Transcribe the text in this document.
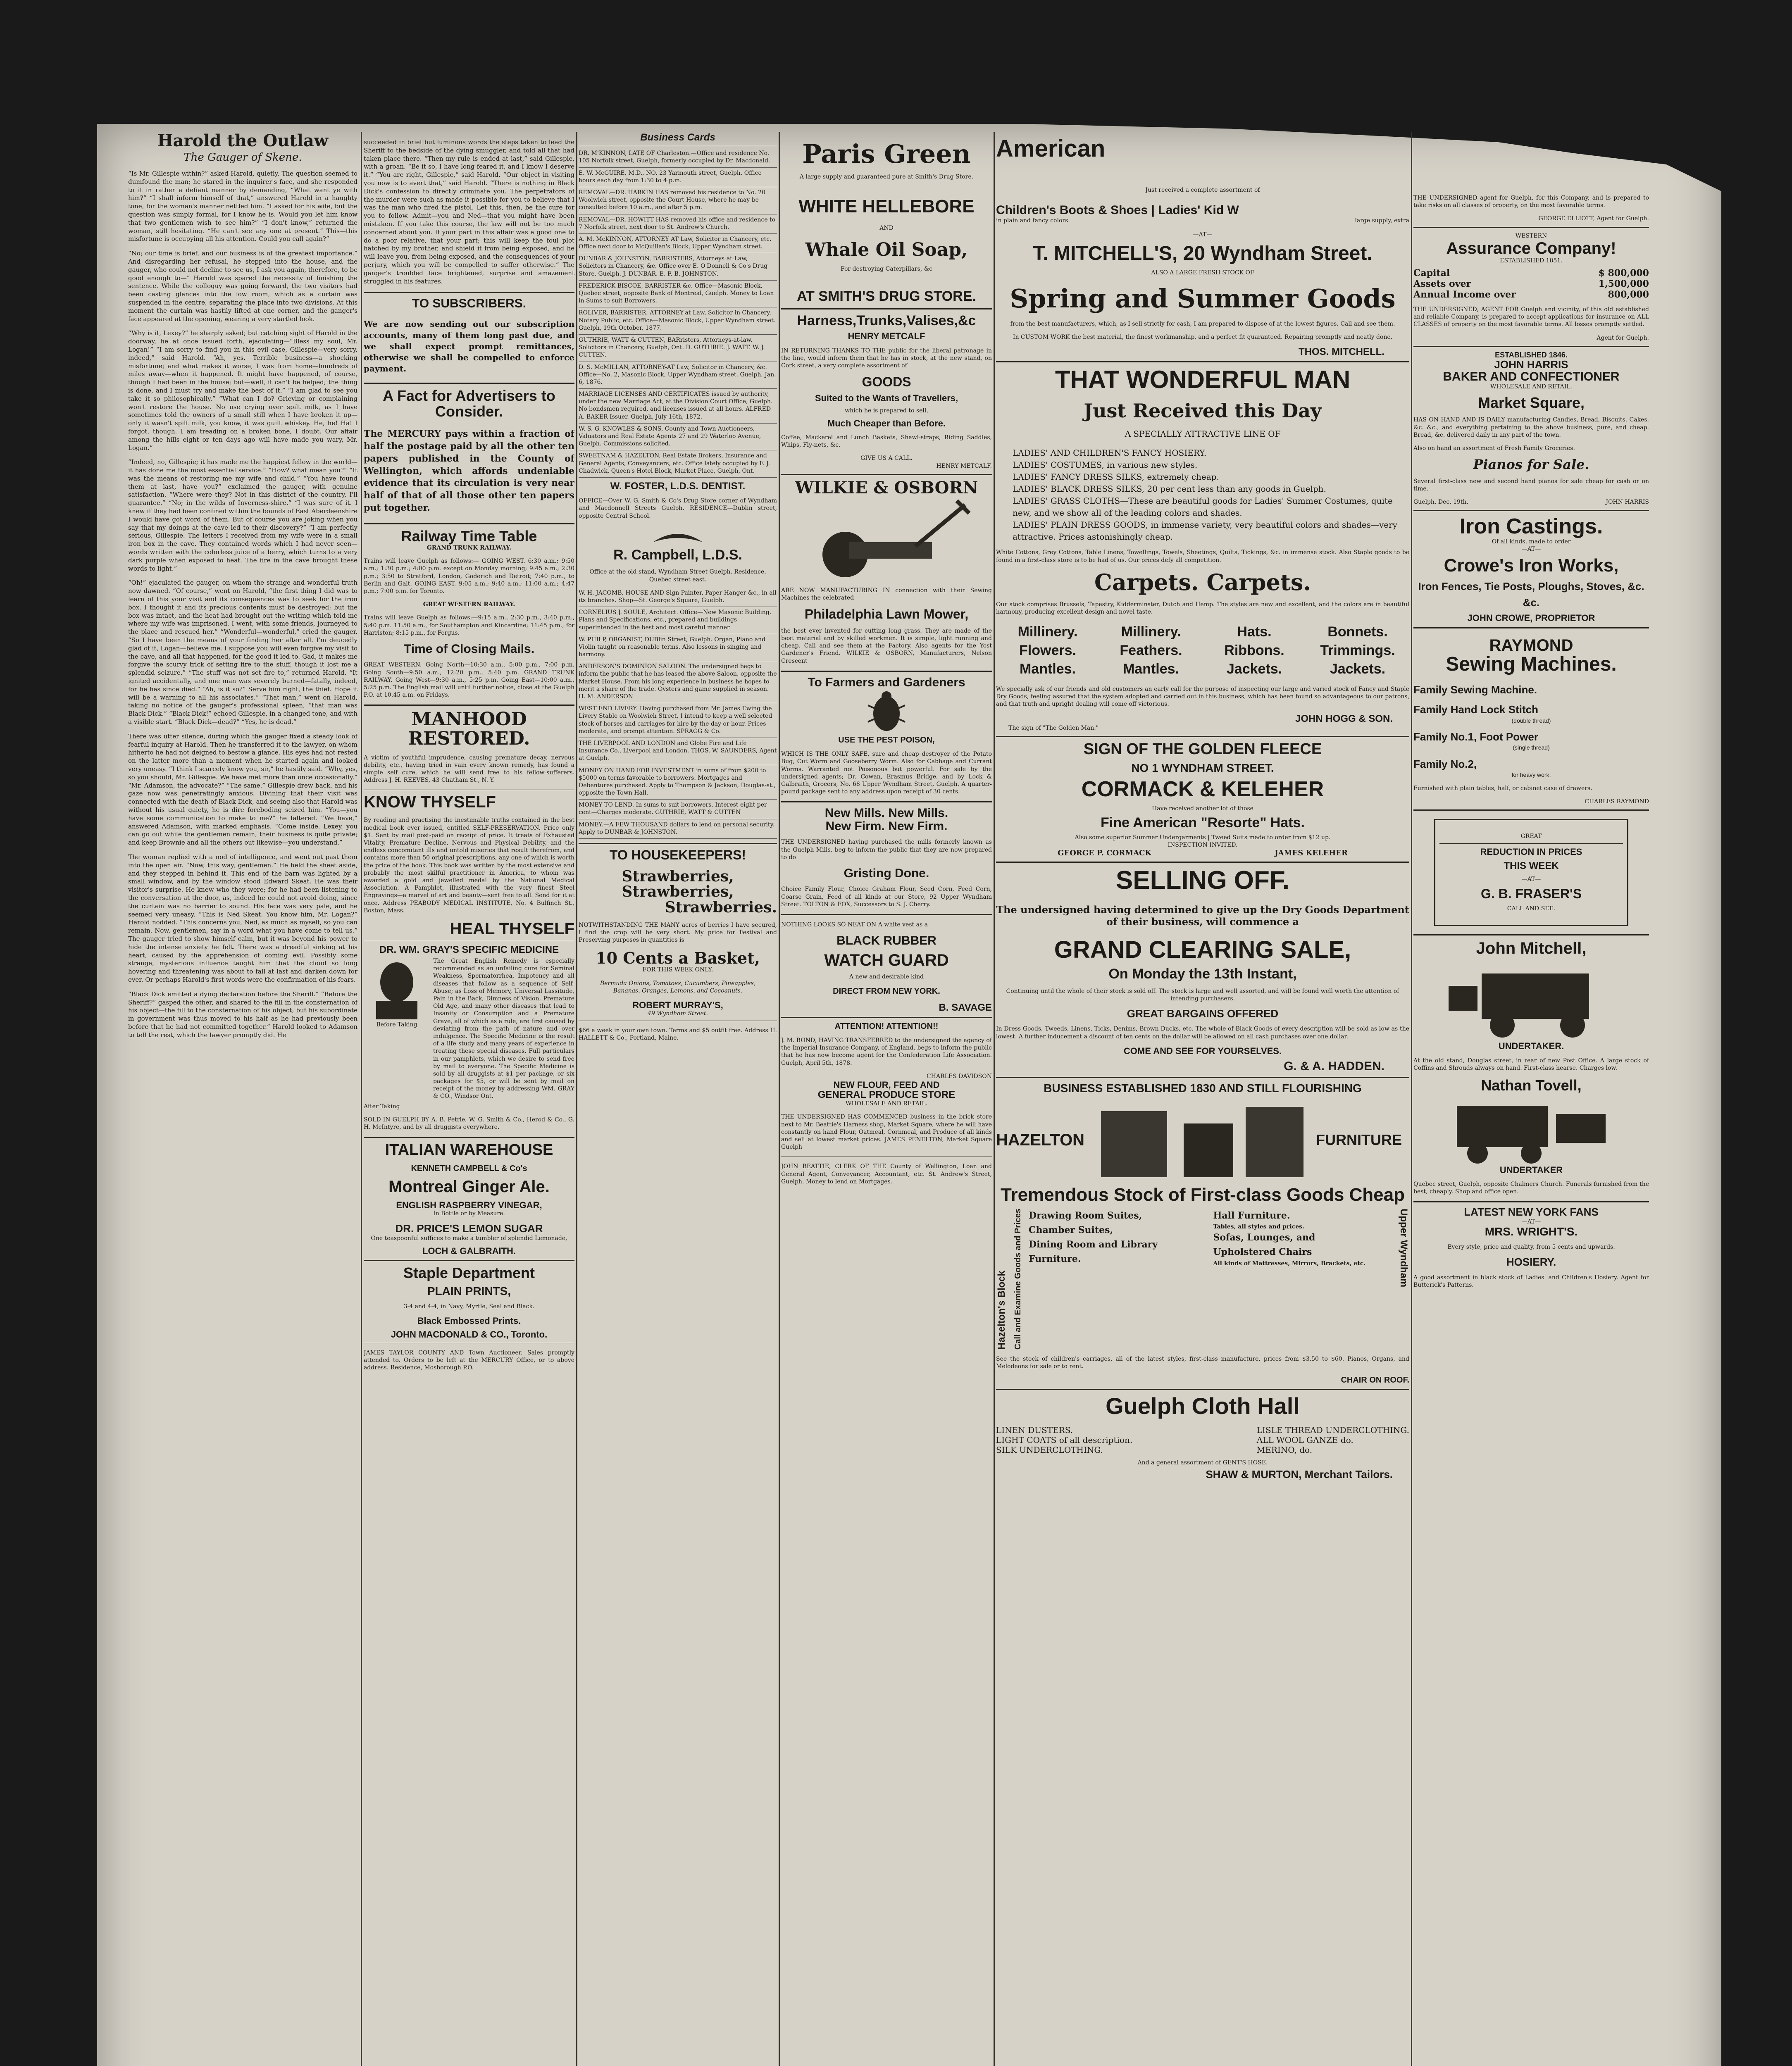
Harold the Outlaw
The Gauger of Skene.

“Is Mr. Gillespie within?” asked Harold, quietly. The question seemed to dumfound the man; he stared in the inquirer's face, and she responded to it in rather a defiant manner by demanding, “What want ye with him?” “I shall inform himself of that,” answered Harold in a haughty tone, for the woman's manner nettled him. “I asked for his wife, but the question was simply formal, for I know he is. Would you let him know that two gentlemen wish to see him?” “I don't know,” returned the woman, still hesitating. “He can't see any one at present.” This—this misfortune is occupying all his attention. Could you call again?”

“No; our time is brief, and our business is of the greatest importance.” And disregarding her refusal, he stepped into the house, and the gauger, who could not decline to see us, I ask you again, therefore, to be good enough to—” Harold was spared the necessity of finishing the sentence. While the colloquy was going forward, the two visitors had been casting glances into the low room, which as a curtain was suspended in the centre, separating the place into two divisions. At this moment the curtain was hastily lifted at one corner, and the ganger's face appeared at the opening, wearing a very startled look.

“Why is it, Lexey?” he sharply asked; but catching sight of Harold in the doorway, he at once issued forth, ejaculating—“Bless my soul, Mr. Logan!” “I am sorry to find you in this evil case, Gillespie—very sorry, indeed,” said Harold. “Ah, yes. Terrible business—a shocking misfortune; and what makes it worse, I was from home—hundreds of miles away—when it happened. It might have happened, of course, though I had been in the house; but—well, it can't be helped; the thing is done, and I must try and make the best of it.” “I am glad to see you take it so philosophically.” “What can I do? Grieving or complaining won't restore the house. No use crying over spilt milk, as I have sometimes told the owners of a small still when I have broken it up—only it wasn't spilt milk, you know, it was guilt whiskey. He, he! Ha! I forgot, though. I am treading on a broken bone, I doubt. Our affair among the hills eight or ten days ago will have made you wary, Mr. Logan.”

“Indeed, no, Gillespie; it has made me the happiest fellow in the world—it has done me the most essential service.” “How? what mean you?” “It was the means of restoring me my wife and child.” “You have found them at last, have you?” exclaimed the gauger, with genuine satisfaction. “Where were they? Not in this district of the country, I'll guarantee.” “No; in the wilds of Inverness-shire.” “I was sure of it. I knew if they had been confined within the bounds of East Aberdeenshire I would have got word of them. But of course you are joking when you say that my doings at the cave led to their discovery?” “I am perfectly serious, Gillespie. The letters I received from my wife were in a small iron box in the cave. They contained words which I had never seen—words written with the colorless juice of a berry, which turns to a very dark purple when exposed to heat. The fire in the cave brought these words to light.”

“Oh!” ejaculated the gauger, on whom the strange and wonderful truth now dawned. “Of course,” went on Harold, “the first thing I did was to learn of this your visit and its consequences was to seek for the iron box. I thought it and its precious contents must be destroyed; but the box was intact, and the heat had brought out the writing which told me where my wife was imprisoned. I went, with some friends, journeyed to the place and rescued her.” “Wonderful—wonderful,” cried the gauger. “So I have been the means of your finding her after all. I'm deucedly glad of it, Logan—believe me. I suppose you will even forgive my visit to the cave, and all that happened, for the good it led to. Gad, it makes me forgive the scurvy trick of setting fire to the stuff, though it lost me a splendid seizure.” “The stuff was not set fire to,” returned Harold. “It ignited accidentally, and one man was severely burned—fatally, indeed, for he has since died.” “Ah, is it so?” Serve him right, the thief. Hope it will be a warning to all his associates.” “That man,” went on Harold, taking no notice of the gauger's professional spleen, “that man was Black Dick.” “Black Dick!” echoed Gillespie, in a changed tone, and with a visible start. “Black Dick—dead?” “Yes, he is dead.”

There was utter silence, during which the gauger fixed a steady look of fearful inquiry at Harold. Then he transferred it to the lawyer, on whom hitherto he had not deigned to bestow a glance. His eyes had not rested on the latter more than a moment when he started again and looked very uneasy. “I think I scarcely know you, sir,” he hastily said. “Why, yes, so you should, Mr. Gillespie. We have met more than once occasionally.” “Mr. Adamson, the advocate?” “The same.” Gillespie drew back, and his gaze now was penetratingly anxious. Divining that their visit was connected with the death of Black Dick, and seeing also that Harold was without his usual gaiety, he is dire foreboding seized him. “You—you have some communication to make to me?” he faltered. “We have,” answered Adamson, with marked emphasis. “Come inside. Lexey, you can go out while the gentlemen remain, their business is quite private; and keep Brownie and all the others out likewise—you understand.”

The woman replied with a nod of intelligence, and went out past them into the open air. “Now, this way, gentlemen.” He held the sheet aside, and they stepped in behind it. This end of the barn was lighted by a small window, and by the window stood Edward Skeat. He was their visitor's surprise. He knew who they were; for he had been listening to the conversation at the door, as, indeed he could not avoid doing, since the curtain was no barrier to sound. His face was very pale, and he seemed very uneasy. “This is Ned Skeat. You know him, Mr. Logan?” Harold nodded. “This concerns you, Ned, as much as myself, so you can remain. Now, gentlemen, say in a word what you have come to tell us.” The gauger tried to show himself calm, but it was beyond his power to hide the intense anxiety he felt. There was a dreadful sinking at his heart, caused by the apprehension of coming evil. Possibly some strange, mysterious influence taught him that the cloud so long hovering and threatening was about to fall at last and darken down for ever. Or perhaps Harold's first words were the confirmation of his fears.

“Black Dick emitted a dying declaration before the Sheriff.” “Before the Sheriff?” gasped the other, and shared to the fill in the consternation of his object—the fill to the consternation of his object; but his subordinate in government was thus moved to his half as he had previously been before that he had not committed together.” Harold looked to Adamson to tell the rest, which the lawyer promptly did. He

succeeded in brief but luminous words the steps taken to lead the Sheriff to the bedside of the dying smuggler, and told all that had taken place there. “Then my rule is ended at last,” said Gillespie, with a groan. “Be it so, I have long feared it, and I know I deserve it.” “You are right, Gillespie,” said Harold. “Our object in visiting you now is to avert that,” said Harold. “There is nothing in Black Dick's confession to directly criminate you. The perpetrators of the murder were such as made it possible for you to believe that I was the man who fired the pistol. Let this, then, be the cure for you to follow. Admit—you and Ned—that you might have been mistaken. If you take this course, the law will not be too much concerned about you. If your part in this affair was a good one to do a poor relative, that your part; this will keep the foul plot hatched by my brother, and shield it from being exposed, and he will leave you, from being exposed, and the consequences of your perjury, which you will be compelled to suffer otherwise.” The ganger's troubled face brightened, surprise and amazement struggled in his features.

TO SUBSCRIBERS.

We are now sending out our subscription accounts, many of them long past due, and we shall expect prompt remittances, otherwise we shall be compelled to enforce payment.

A Fact for Advertisers to Consider.

The MERCURY pays within a fraction of half the postage paid by all the other ten papers published in the County of Wellington, which affords undeniable evidence that its circulation is very near half of that of all those other ten papers put together.

Railway Time Table
GRAND TRUNK RAILWAY.

Trains will leave Guelph as follows:— GOING WEST. 6:30 a.m.; 9:50 a.m.; 1:30 p.m.; 4:00 p.m. except on Monday morning; 9:45 a.m.; 2:30 p.m.; 3:50 to Stratford, London, Goderich and Detroit; 7:40 p.m., to Berlin and Galt. GOING EAST. 9:05 a.m.; 9:40 a.m.; 11:00 a.m.; 4:47 p.m.; 7:00 p.m. for Toronto.

GREAT WESTERN RAILWAY.

Trains will leave Guelph as follows:—9:15 a.m., 2:30 p.m., 3:40 p.m., 5:40 p.m. 11:50 a.m., for Southampton and Kincardine; 11:45 p.m., for Harriston; 8:15 p.m., for Fergus.

Time of Closing Mails.

GREAT WESTERN. Going North—10:30 a.m., 5:00 p.m., 7:00 p.m. Going South—9:50 a.m., 12:20 p.m., 5:40 p.m. GRAND TRUNK RAILWAY. Going West—9:30 a.m., 5:25 p.m. Going East—10:00 a.m., 5:25 p.m. The English mail will until further notice, close at the Guelph P.O. at 10.45 a.m. on Fridays.

MANHOOD RESTORED.

A victim of youthful imprudence, causing premature decay, nervous debility, etc., having tried in vain every known remedy, has found a simple self cure, which he will send free to his fellow-sufferers. Address J. H. REEVES, 43 Chatham St., N. Y.

KNOW THYSELF

By reading and practising the inestimable truths contained in the best medical book ever issued, entitled SELF-PRESERVATION. Price only $1. Sent by mail post-paid on receipt of price. It treats of Exhausted Vitality, Premature Decline, Nervous and Physical Debility, and the endless concomitant ills and untold miseries that result therefrom, and contains more than 50 original prescriptions, any one of which is worth the price of the book. This book was written by the most extensive and probably the most skilful practitioner in America, to whom was awarded a gold and jewelled medal by the National Medical Association. A Pamphlet, illustrated with the very finest Steel Engravings—a marvel of art and beauty—sent free to all. Send for it at once. Address PEABODY MEDICAL INSTITUTE, No. 4 Bulfinch St., Boston, Mass.

HEAL THYSELF
DR. WM. GRAY'S SPECIFIC MEDICINE
Before Taking

The Great English Remedy is especially recommended as an unfailing cure for Seminal Weakness, Spermatorrhea, Impotency and all diseases that follow as a sequence of Self-Abuse; as Loss of Memory, Universal Lassitude, Pain in the Back, Dimness of Vision, Premature Old Age, and many other diseases that lead to Insanity or Consumption and a Premature Grave, all of which as a rule, are first caused by deviating from the path of nature and over indulgence. The Specific Medicine is the result of a life study and many years of experience in treating these special diseases. Full particulars in our pamphlets, which we desire to send free by mail to everyone. The Specific Medicine is sold by all druggists at $1 per package, or six packages for $5, or will be sent by mail on receipt of the money by addressing WM. GRAY & CO., Windsor Ont.

After Taking

SOLD IN GUELPH BY A. B. Petrie, W. G. Smith & Co., Herod & Co., G. H. McIntyre, and by all druggists everywhere.

ITALIAN WAREHOUSE
KENNETH CAMPBELL & Co's
Montreal Ginger Ale.
ENGLISH RASPBERRY VINEGAR,
In Bottle or by Measure.
DR. PRICE'S LEMON SUGAR
One teaspoonful suffices to make a tumbler of splendid Lemonade,
LOCH & GALBRAITH.
Staple Department
PLAIN PRINTS,

3-4 and 4-4, in Navy, Myrtle, Seal and Black.

Black Embossed Prints.
JOHN MACDONALD & CO., Toronto.

JAMES TAYLOR COUNTY AND Town Auctioneer. Sales promptly attended to. Orders to be left at the MERCURY Office, or to above address. Residence, Mosborough P.O.

Business Cards
DR. M'KINNON, LATE OF Charleston.—Office and residence No. 105 Norfolk street, Guelph, formerly occupied by Dr. Macdonald.
E. W. McGUIRE, M.D., NO. 23 Yarmouth street, Guelph. Office hours each day from 1:30 to 4 p.m.
REMOVAL—DR. HARKIN HAS removed his residence to No. 20 Woolwich street, opposite the Court House, where he may be consulted before 10 a.m., and after 5 p.m.
REMOVAL—DR. HOWITT HAS removed his office and residence to 7 Norfolk street, next door to St. Andrew's Church.
A. M. McKINNON, ATTORNEY AT Law, Solicitor in Chancery, etc. Office next door to McQuillan's Block, Upper Wyndham street.
DUNBAR & JOHNSTON, BARRISTERS, Attorneys-at-Law, Solicitors in Chancery, &c. Office over E. O'Donnell & Co's Drug Store. Guelph. J. DUNBAR. E. F. B. JOHNSTON.
FREDERICK BISCOE, BARRISTER &c. Office—Masonic Block, Quebec street, opposite Bank of Montreal, Guelph. Money to Loan in Sums to suit Borrowers.
ROLIVER, BARRISTER, ATTORNEY-at-Law, Solicitor in Chancery, Notary Public, etc. Office—Masonic Block, Upper Wyndham street. Guelph, 19th October, 1877.
GUTHRIE, WATT & CUTTEN, BARristers, Attorneys-at-law, Solicitors in Chancery, Guelph, Ont. D. GUTHRIE. J. WATT. W. J. CUTTEN.
D. S. McMILLAN, ATTORNEY-AT Law, Solicitor in Chancery, &c. Office—No. 2, Masonic Block, Upper Wyndham street. Guelph, Jan. 6, 1876.
MARRIAGE LICENSES AND CERTIFICATES issued by authority, under the new Marriage Act, at the Division Court Office, Guelph. No bondsmen required, and licenses issued at all hours. ALFRED A. BAKER Issuer. Guelph, July 16th, 1872.
W. S. G. KNOWLES & SONS, County and Town Auctioneers, Valuators and Real Estate Agents 27 and 29 Waterloo Avenue, Guelph. Commissions solicited.
SWEETNAM & HAZELTON, Real Estate Brokers, Insurance and General Agents, Conveyancers, etc. Office lately occupied by F. J. Chadwick, Queen's Hotel Block, Market Place, Guelph, Ont.
W. FOSTER, L.D.S. DENTIST.

OFFICE—Over W. G. Smith & Co's Drug Store corner of Wyndham and Macdonnell Streets Guelph. RESIDENCE—Dublin street, opposite Central School.

R. Campbell, L.D.S.

Office at the old stand, Wyndham Street Guelph. Residence, Quebec street east.

W. H. JACOMB, HOUSE AND Sign Painter, Paper Hanger &c., in all its branches. Shop—St. George's Square, Guelph.
CORNELIUS J. SOULE, Architect. Office—New Masonic Building. Plans and Specifications, etc., prepared and buildings superintended in the best and most careful manner.
W. PHILP, ORGANIST, DUBlin Street, Guelph. Organ, Piano and Violin taught on reasonable terms. Also lessons in singing and harmony.
ANDERSON'S DOMINION SALOON. The undersigned begs to inform the public that he has leased the above Saloon, opposite the Market House. From his long experience in business he hopes to merit a share of the trade. Oysters and game supplied in season. H. M. ANDERSON
WEST END LIVERY. Having purchased from Mr. James Ewing the Livery Stable on Woolwich Street, I intend to keep a well selected stock of horses and carriages for hire by the day or hour. Prices moderate, and prompt attention. SPRAGG & Co.
THE LIVERPOOL AND LONDON and Globe Fire and Life Insurance Co., Liverpool and London. THOS. W. SAUNDERS, Agent at Guelph.
MONEY ON HAND FOR INVESTMENT in sums of from $200 to $5000 on terms favorable to borrowers. Mortgages and Debentures purchased. Apply to Thompson & Jackson, Douglas-st., opposite the Town Hall.
MONEY TO LEND. In sums to suit borrowers. Interest eight per cent—Charges moderate. GUTHRIE, WATT & CUTTEN
MONEY.—A FEW THOUSAND dollars to lend on personal security. Apply to DUNBAR & JOHNSTON.
TO HOUSEKEEPERS!
Strawberries,
Strawberries,
Strawberries.

NOTWITHSTANDING THE MANY acres of berries I have secured, I find the crop will be very short. My price for Festival and Preserving purposes in quantities is

10 Cents a Basket,
FOR THIS WEEK ONLY.

Bermuda Onions, Tomatoes, Cucumbers, Pineapples, Bananas, Oranges, Lemons, and Cocoanuts.

ROBERT MURRAY'S,
49 Wyndham Street.

$66 a week in your own town. Terms and $5 outfit free. Address H. HALLETT & Co., Portland, Maine.

Paris Green

A large supply and guaranteed pure at Smith's Drug Store.

WHITE HELLEBORE
AND
Whale Oil Soap,

For destroying Caterpillars, &c

AT SMITH'S DRUG STORE.
Harness,Trunks,Valises,&c
HENRY METCALF

IN RETURNING THANKS TO THE public for the liberal patronage in the line, would inform them that he has in stock, at the new stand, on Cork street, a very complete assortment of

GOODS
Suited to the Wants of Travellers,
which he is prepared to sell,
Much Cheaper than Before.

Coffee, Mackerel and Lunch Baskets, Shawl-straps, Riding Saddles, Whips, Fly-nets, &c.

GIVE US A CALL.
HENRY METCALF.
WILKIE & OSBORN

ARE NOW MANUFACTURING IN connection with their Sewing Machines the celebrated

Philadelphia Lawn Mower,

the best ever invented for cutting long grass. They are made of the best material and by skilled workmen. It is simple, light running and cheap. Call and see them at the Factory. Also agents for the Yost Gardener's Friend. WILKIE & OSBORN, Manufacturers, Nelson Crescent

To Farmers and Gardeners
USE THE PEST POISON,

WHICH IS THE ONLY SAFE, sure and cheap destroyer of the Potato Bug, Cut Worm and Gooseberry Worm. Also for Cabbage and Currant Worms. Warranted not Poisonous but powerful. For sale by the undersigned agents; Dr. Cowan, Erasmus Bridge, and by Lock & Galbraith, Grocers, No. 68 Upper Wyndham Street, Guelph. A quarter-pound package sent to any address upon receipt of 30 cents.

New Mills. New Mills.
New Firm. New Firm.

THE UNDERSIGNED having purchased the mills formerly known as the Guelph Mills, beg to inform the public that they are now prepared to do

Gristing Done.

Choice Family Flour, Choice Graham Flour, Seed Corn, Feed Corn, Coarse Grain, Feed of all kinds at our Store, 92 Upper Wyndham Street. TOLTON & FOX, Successors to S. J. Cherry.

NOTHING LOOKS SO NEAT ON A white vest as a

BLACK RUBBER
WATCH GUARD
A new and desirable kind
DIRECT FROM NEW YORK.
B. SAVAGE
ATTENTION! ATTENTION!!

J. M. BOND, HAVING TRANSFERRED to the undersigned the agency of the Imperial Insurance Company, of England, begs to inform the public that he has now become agent for the Confederation Life Association. Guelph, April 5th, 1878.

CHARLES DAVIDSON
NEW FLOUR, FEED AND
GENERAL PRODUCE STORE
WHOLESALE AND RETAIL.

THE UNDERSIGNED HAS COMMENCED business in the brick store next to Mr. Beattie's Harness shop, Market Square, where he will have constantly on hand Flour, Oatmeal, Cornmeal, and Produce of all kinds and sell at lowest market prices. JAMES PENELTON, Market Square Guelph

JOHN BEATTIE, CLERK OF THE County of Wellington, Loan and General Agent, Conveyancer, Accountant, etc. St. Andrew's Street, Guelph. Money to lend on Mortgages.

American
Just received a complete assortment of
Children's Boots & Shoes | Ladies' Kid W
in plain and fancy colors.	large supply, extra
—AT—
T. MITCHELL'S, 20 Wyndham Street.
ALSO A LARGE FRESH STOCK OF
Spring and Summer Goods

from the best manufacturers, which, as I sell strictly for cash, I am prepared to dispose of at the lowest figures. Call and see them.

In CUSTOM WORK the best material, the finest workmanship, and a perfect fit guaranteed. Repairing promptly and neatly done.

THOS. MITCHELL.
THAT WONDERFUL MAN
Just Received this Day
A SPECIALLY ATTRACTIVE LINE OF
LADIES' AND CHILDREN'S FANCY HOSIERY.
LADIES' COSTUMES, in various new styles.
LADIES' FANCY DRESS SILKS, extremely cheap.
LADIES' BLACK DRESS SILKS, 20 per cent less than any goods in Guelph.
LADIES' GRASS CLOTHS—These are beautiful goods for Ladies' Summer Costumes, quite new, and we show all of the leading colors and shades.
LADIES' PLAIN DRESS GOODS, in immense variety, very beautiful colors and shades—very attractive. Prices astonishingly cheap.

White Cottons, Grey Cottons, Table Linens, Towellings, Towels, Sheetings, Quilts, Tickings, &c. in immense stock. Also Staple goods to be found in a first-class store is to be had of us. Our prices defy all competition.

Carpets. Carpets.

Our stock comprises Brussels, Tapestry, Kidderminster, Dutch and Hemp. The styles are new and excellent, and the colors are in beautiful harmony, producing excellent design and novel taste.

Millinery.	Millinery.	Hats.	Bonnets.
Flowers.	Feathers.	Ribbons.	Trimmings.
Mantles.	Mantles.	Jackets.	Jackets.

We specially ask of our friends and old customers an early call for the purpose of inspecting our large and varied stock of Fancy and Staple Dry Goods, feeling assured that the system adopted and carried out in this business, which has been found so advantageous to our patrons, and that truth and upright dealing will come off victorious.

JOHN HOGG & SON.
The sign of "The Golden Man."
SIGN OF THE GOLDEN FLEECE
NO 1 WYNDHAM STREET.
CORMACK & KELEHER
Have received another lot of those
Fine American "Resorte" Hats.
Also some superior Summer Undergarments | Tweed Suits made to order from $12 up.
INSPECTION INVITED.
GEORGE P. CORMACK	JAMES KELEHER
SELLING OFF.

The undersigned having determined to give up the Dry Goods Department of their business, will commence a

GRAND CLEARING SALE,
On Monday the 13th Instant,

Continuing until the whole of their stock is sold off. The stock is large and well assorted, and will be found well worth the attention of intending purchasers.

GREAT BARGAINS OFFERED

In Dress Goods, Tweeds, Linens, Ticks, Denims, Brown Ducks, etc. The whole of Black Goods of every description will be sold as low as the lowest. A further inducement a discount of ten cents on the dollar will be allowed on all cash purchases over one dollar.

COME AND SEE FOR YOURSELVES.
G. & A. HADDEN.
BUSINESS ESTABLISHED 1830 AND STILL FLOURISHING
HAZELTON	FURNITURE
Tremendous Stock of First-class Goods Cheap
Hazelton's Block Call and Examine Goods and Prices Drawing Room Suites,
Chamber Suites,
Dining Room and Library Furniture.
Hall Furniture.
Tables, all styles and prices.
Sofas, Lounges, and
Upholstered Chairs
All kinds of Mattresses, Mirrors, Brackets, etc.	Upper Wyndham

See the stock of children's carriages, all of the latest styles, first-class manufacture, prices from $3.50 to $60. Pianos, Organs, and Melodeons for sale or to rent.

CHAIR ON ROOF.
Guelph Cloth Hall
LINEN DUSTERS.
LIGHT COATS of all description.
SILK UNDERCLOTHING.
LISLE THREAD UNDERCLOTHING.
ALL WOOL GANZE do.
MERINO, do.
And a general assortment of GENT'S HOSE.
SHAW & MURTON, Merchant Tailors.

THE UNDERSIGNED agent for Guelph, for this Company, and is prepared to take risks on all classes of property, on the most favorable terms.

GEORGE ELLIOTT, Agent for Guelph.
WESTERN
Assurance Company!
ESTABLISHED 1851.
Capital	$ 800,000
Assets over	1,500,000
Annual Income over	800,000

THE UNDERSIGNED, AGENT FOR Guelph and vicinity, of this old established and reliable Company, is prepared to accept applications for insurance on ALL CLASSES of property on the most favorable terms. All losses promptly settled.

Agent for Guelph.
ESTABLISHED 1846.
JOHN HARRIS
BAKER AND CONFECTIONER
WHOLESALE AND RETAIL.
Market Square,

HAS ON HAND AND IS DAILY manufacturing Candies, Bread, Biscuits, Cakes, &c. &c., and everything pertaining to the above business, pure, and cheap. Bread, &c. delivered daily in any part of the town.

Also on hand an assortment of Fresh Family Groceries.

Pianos for Sale.

Several first-class new and second hand pianos for sale cheap for cash or on time.

Guelph, Dec. 19th.	JOHN HARRIS
Iron Castings.
Of all kinds, made to order
—AT—
Crowe's Iron Works,
Iron Fences, Tie Posts, Ploughs, Stoves, &c. &c.
JOHN CROWE, PROPRIETOR
RAYMOND
Sewing Machines.
Family Sewing Machine.
Family Hand Lock Stitch
(double thread)
Family No.1, Foot Power
(single thread)
Family No.2,
for heavy work,

Furnished with plain tables, half, or cabinet case of drawers.

CHARLES RAYMOND
GREAT
REDUCTION IN PRICES
THIS WEEK
—AT—
G. B. FRASER'S
CALL AND SEE.
John Mitchell,
UNDERTAKER.

At the old stand, Douglas street, in rear of new Post Office. A large stock of Coffins and Shrouds always on hand. First-class hearse. Charges low.

Nathan Tovell,
UNDERTAKER

Quebec street, Guelph, opposite Chalmers Church. Funerals furnished from the best, cheaply. Shop and office open.

LATEST NEW YORK FANS
—AT—
MRS. WRIGHT'S.

Every style, price and quality, from 5 cents and upwards.

HOSIERY.

A good assortment in black stock of Ladies' and Children's Hosiery. Agent for Butterick's Patterns.
